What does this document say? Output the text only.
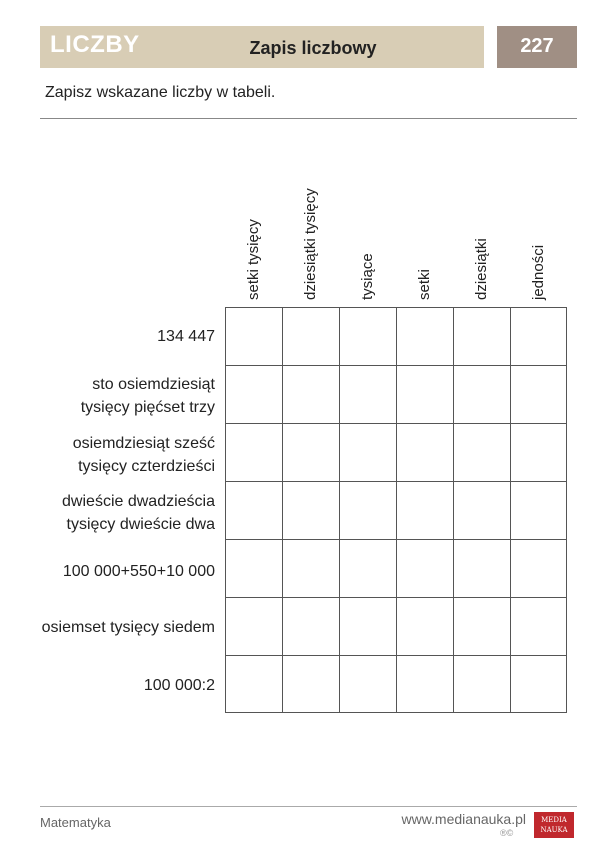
LICZBY	Zapis liczbowy	227
Zapisz wskazane liczby w tabeli.
setki tysięcy	dziesiątki tysięcy	tysiące	setki	dziesiątki	jedności
134 447
sto osiemdziesiąt
tysięcy pięćset trzy
osiemdziesiąt sześć
tysięcy czterdzieści
dwieście dwadzieścia
tysięcy dwieście dwa
100 000+550+10 000
osiemset tysięcy siedem
100 000:2
Matematyka	www.medianauka.pl
®©
MEDIA
NAUKA
